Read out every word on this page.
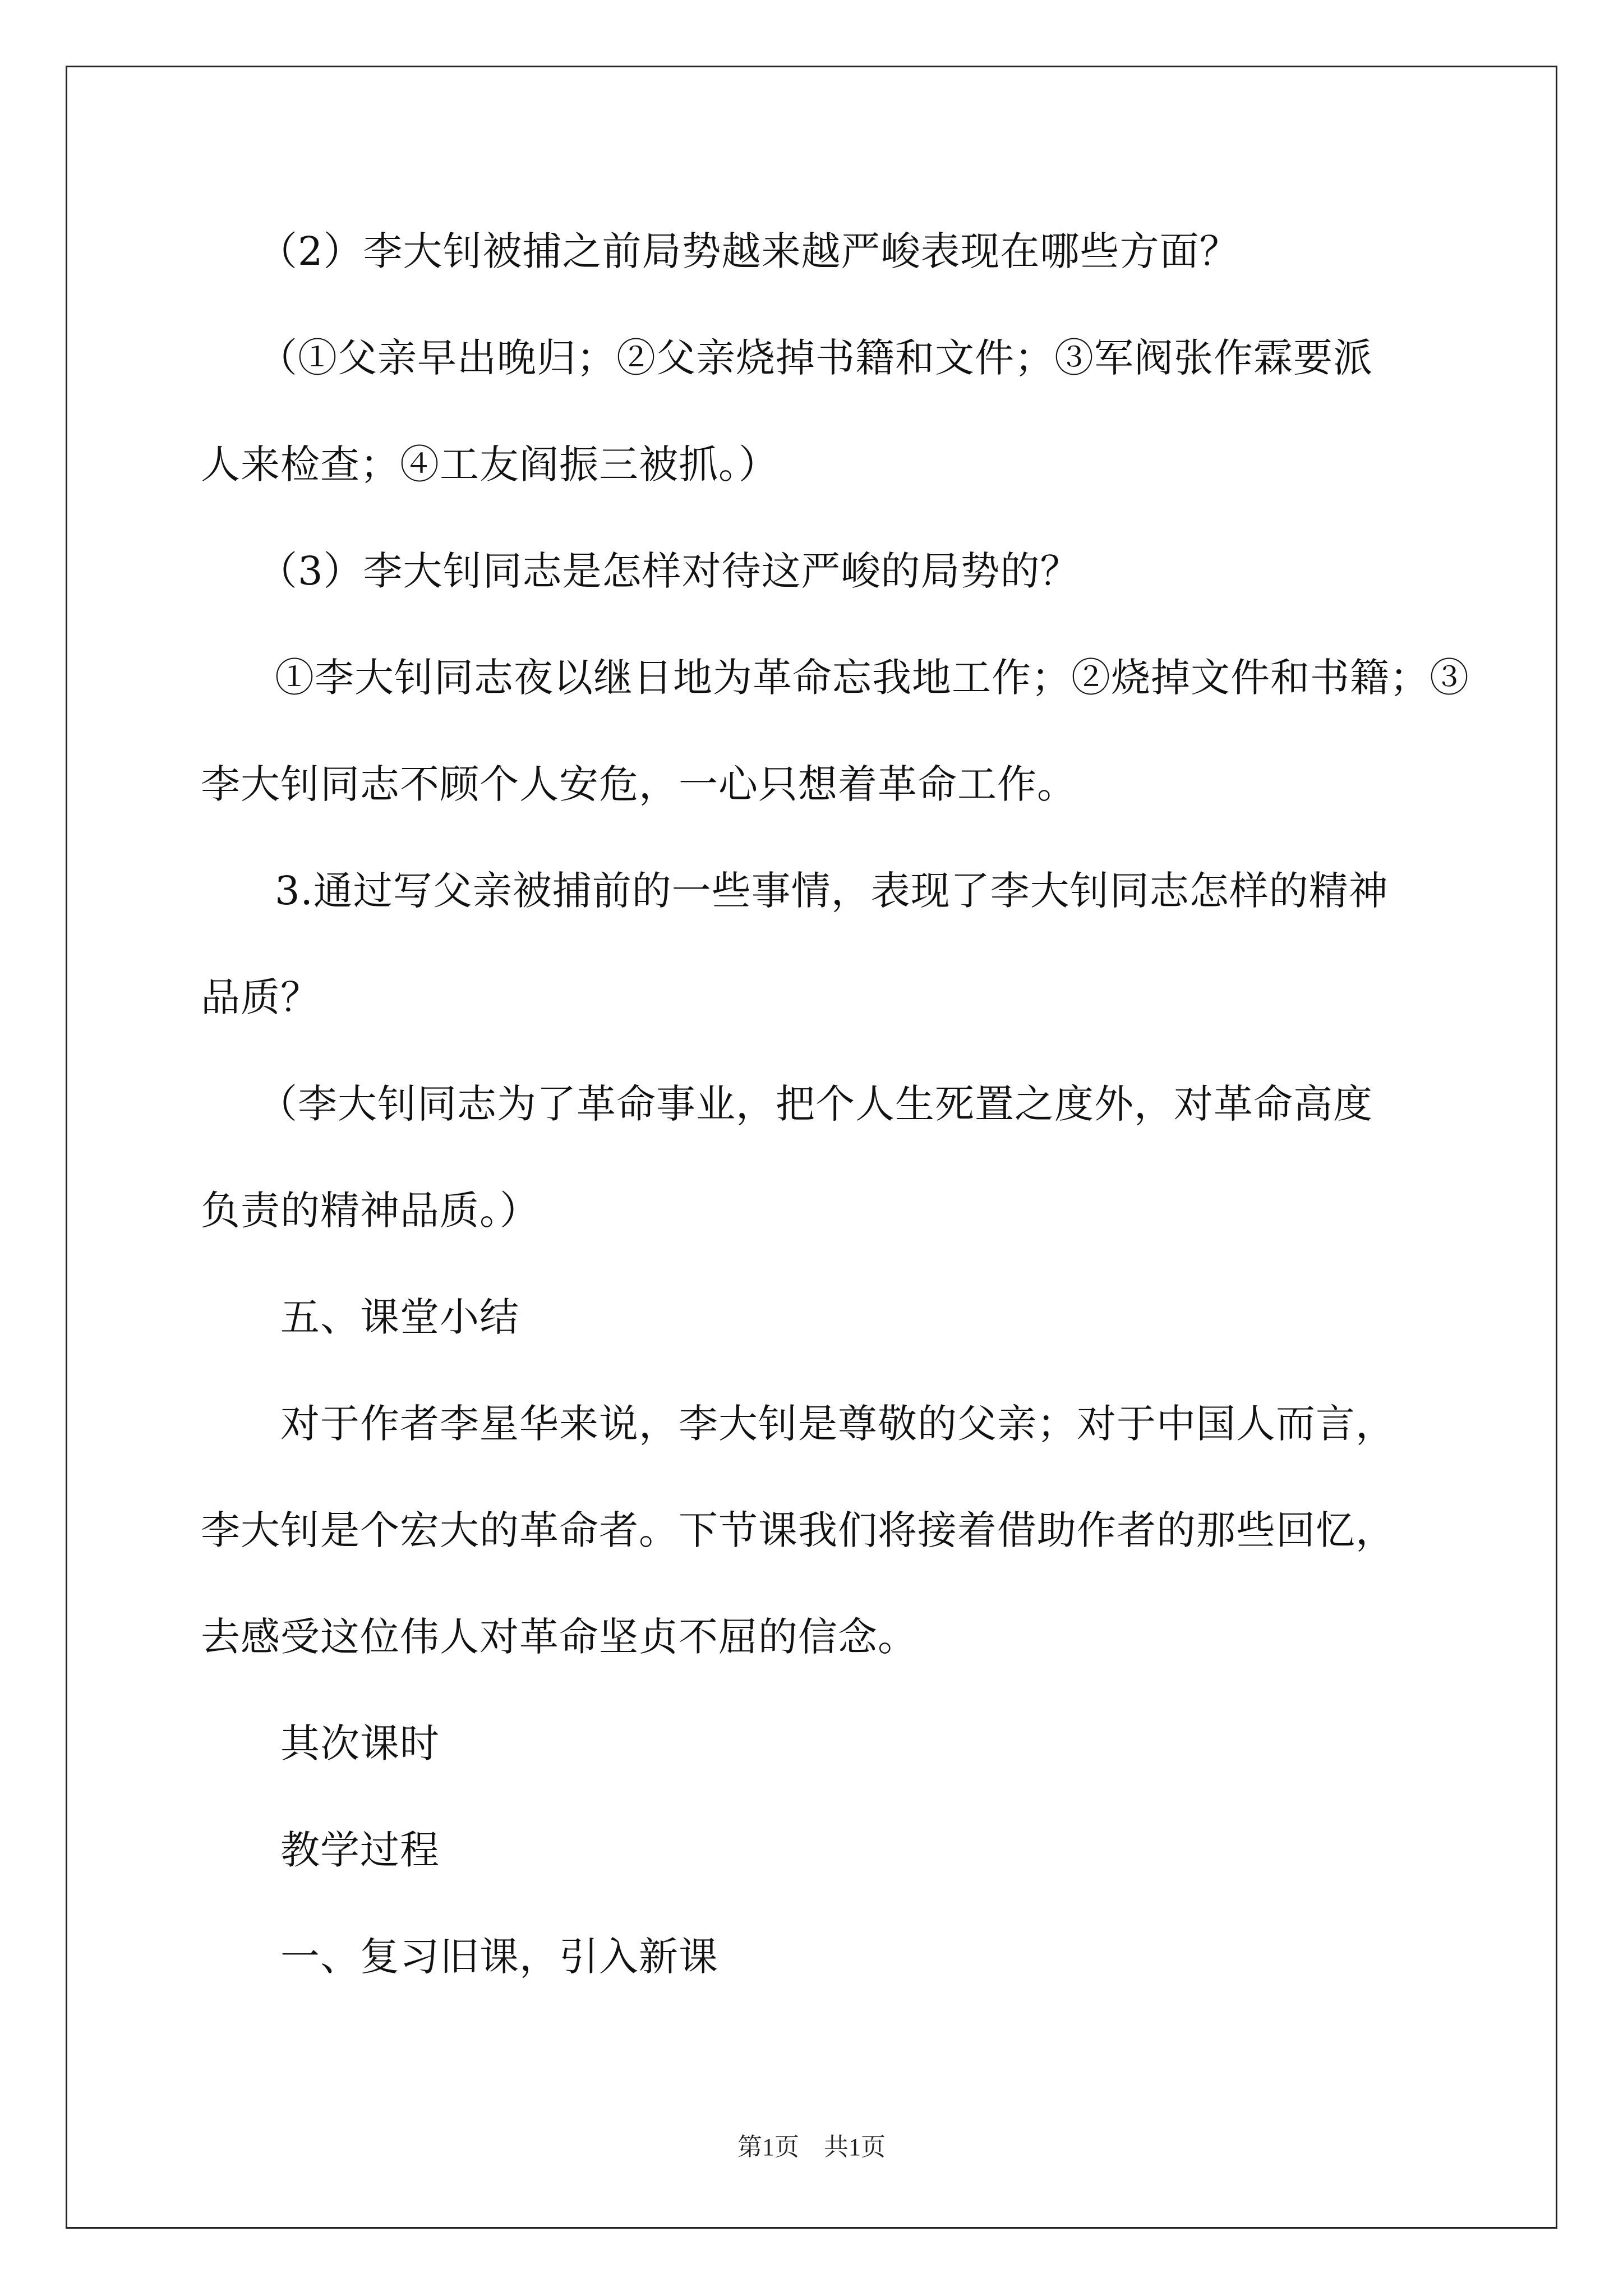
（2）李大钊被捕之前局势越来越严峻表现在哪些方面？
（①父亲早出晚归；②父亲烧掉书籍和文件；③军阀张作霖要派
人来检查；④工友阎振三被抓。）
（3）李大钊同志是怎样对待这严峻的局势的？
①李大钊同志夜以继日地为革命忘我地工作；②烧掉文件和书籍；③
李大钊同志不顾个人安危，一心只想着革命工作。
3.通过写父亲被捕前的一些事情，表现了李大钊同志怎样的精神
品质？
（李大钊同志为了革命事业，把个人生死置之度外，对革命高度
负责的精神品质。）
五、课堂小结
对于作者李星华来说，李大钊是尊敬的父亲；对于中国人而言，
李大钊是个宏大的革命者。下节课我们将接着借助作者的那些回忆，
去感受这位伟人对革命坚贞不屈的信念。
其次课时
教学过程
一、复习旧课，引入新课
第1页　共1页
